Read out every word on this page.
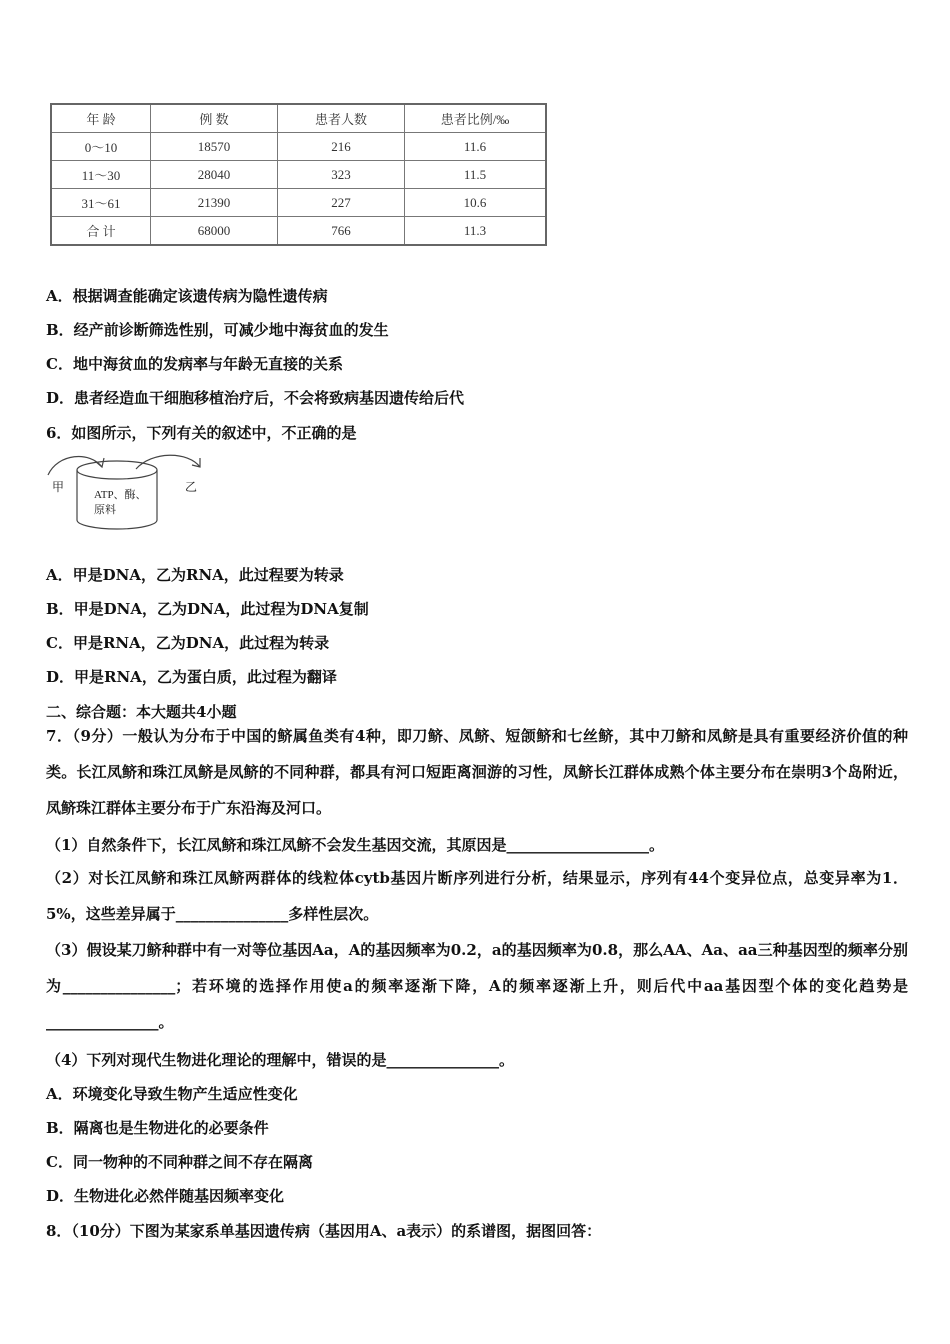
年 龄	例 数	患者人数	患者比例/‰
0～10	18570	216	11.6
11～30	28040	323	11.5
31～61	21390	227	10.6
合 计	68000	766	11.3
A．根据调查能确定该遗传病为隐性遗传病
B．经产前诊断筛选性别，可减少地中海贫血的发生
C．地中海贫血的发病率与年龄无直接的关系
D．患者经造血干细胞移植治疗后，不会将致病基因遗传给后代
6．如图所示，下列有关的叙述中，不正确的是
甲	乙
ATP、酶、
原料
A．甲是DNA，乙为RNA，此过程要为转录
B．甲是DNA，乙为DNA，此过程为DNA复制
C．甲是RNA，乙为DNA，此过程为转录
D．甲是RNA，乙为蛋白质，此过程为翻译
二、综合题：本大题共4小题
7．（9分）一般认为分布于中国的鲚属鱼类有4种，即刀鲚、凤鲚、短颌鲚和七丝鲚，其中刀鲚和凤鲚是具有重要经济价值的种类。长江凤鲚和珠江凤鲚是凤鲚的不同种群，都具有河口短距离洄游的习性，凤鲚长江群体成熟个体主要分布在崇明3个岛附近，凤鲚珠江群体主要分布于广东沿海及河口。
（1）自然条件下，长江凤鲚和珠江凤鲚不会发生基因交流，其原因是___________________。
（2）对长江凤鲚和珠江凤鲚两群体的线粒体cytb基因片断序列进行分析，结果显示，序列有44个变异位点，总变异率为1．5%，这些差异属于_______________多样性层次。
（3）假设某刀鲚种群中有一对等位基因Aa，A的基因频率为0.2，a的基因频率为0.8，那么AA、Aa、aa三种基因型的频率分别为_______________；若环境的选择作用使a的频率逐渐下降，A的频率逐渐上升，则后代中aa基因型个体的变化趋势是_______________。
（4）下列对现代生物进化理论的理解中，错误的是_______________。
A．环境变化导致生物产生适应性变化
B．隔离也是生物进化的必要条件
C．同一物种的不同种群之间不存在隔离
D．生物进化必然伴随基因频率变化
8．（10分）下图为某家系单基因遗传病（基因用A、a表示）的系谱图，据图回答：
